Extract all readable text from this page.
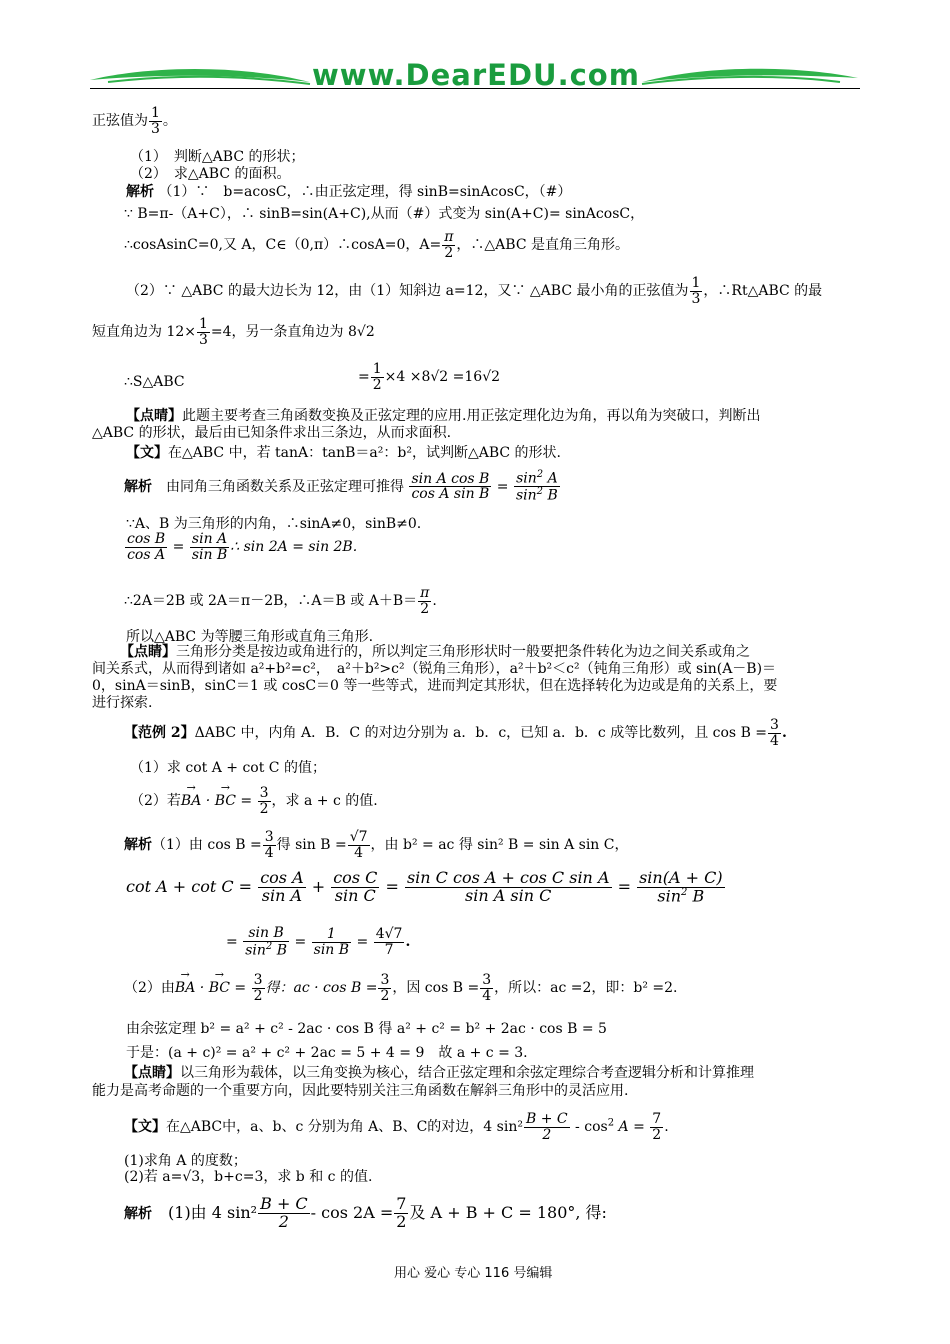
www.DearEDU.com
正弦值为 $\frac{1}{3}$ 。
（1）　判断△ABC 的形状；
（2）　求△ABC 的面积。
解析 （1）∵　b=acosC，∴由正弦定理，得 sinB=sinAcosC，（#）
∵ B=π-（A+C），∴ sinB=sin(A+C),从而（#）式变为 sin(A+C)= sinAcosC，
∴cosAsinC=0,又 A，C∈（0,π）∴cosA=0，$A= \frac{\pi}{2}$ ，∴△ABC 是直角三角形。
（2）∵ △ABC 的最大边长为 12，由（1）知斜边 a=12，又∵ △ABC 最小角的正弦值为 $\frac{1}{3}$ ，∴Rt△ABC 的最
短直角边为 $12\times \frac{1}{3} =4$，另一条直角边为 8√2
∴S△ABC	= $\frac{1}{2} \times 4 \times 8√2 =16√2$
【点晴】此题主要考查三角函数变换及正弦定理的应用.用正弦定理化边为角，再以角为突破口，判断出
△ABC 的形状，最后由已知条件求出三条边，从而求面积.
【文】在△ABC 中，若 tanA：tanB＝a²：b²，试判断△ABC 的形状.
解析　 由同角三角函数关系及正弦定理可推得 $\frac{\text{sin A cos B}}{\text{cos A sin B}} = \frac{\sin^2 A}{\sin^2 B}$
∵A、B 为三角形的内角，∴sinA≠0，sinB≠0.
$\frac{\text{cos B}}{\text{cos A}} = \frac{\text{sin A}}{\text{sin B}}$ ∴ sin 2A = sin 2B.
∴2A＝2B 或 2A＝π－2B，∴A＝B 或 $A+B= \frac{\pi}{2}$ .
所以△ABC 为等腰三角形或直角三角形.
【点睛】三角形分类是按边或角进行的，所以判定三角形形状时一般要把条件转化为边之间关系或角之
间关系式，从而得到诸如 a²+b²=c²，　a²＋b²>c²（锐角三角形），a²＋b²＜c²（钝角三角形）或 sin(A－B)＝
0，sinA＝sinB，sinC＝1 或 cosC＝0 等一些等式，进而判定其形状，但在选择转化为边或是角的关系上，要
进行探索.
【范例 2】ΔABC 中，内角 A．B．C 的对边分别为 a．b．c，已知 a．b．c 成等比数列，且 $\cos B = \frac{3}{4}$ .
（1）求 cot A + cot C 的值；
（2）若→ BA · → BC = $\frac{3}{2}$ ，求 a + c 的值.
解析（1）由 $\cos B = \frac{3}{4}$ 得 $\sin B = \frac{√7}{4}$ ，由 b² = ac 得 sin² B = sin A sin C，
$\cot A + \cot C = \frac{\text{cos A}}{\text{sin A}} + \frac{\text{cos C}}{\text{sin C}} = \frac{\text{sin C cos A + cos C sin A}}{\text{sin A sin C}} = \frac{\sin(A + C)}{\sin^2 B}$
= $\frac{\text{sin B}}{\sin^2 B} = \frac{1}{\text{sin B}} = \frac{4√7}{7}$ .
（2）由→ BA · → BC = $\frac{3}{2}$ 得：ac · $\cos B = \frac{3}{2}$ ，因 $\cos B = \frac{3}{4}$ ，所以：ac =2，即：b² =2.
由余弦定理 b² = a² + c² - 2ac · cos B 得 a² + c² = b² + 2ac · cos B = 5
于是：(a + c)² = a² + c² + 2ac = 5 + 4 = 9　故 a + c = 3.
【点睛】以三角形为载体，以三角变换为核心，结合正弦定理和余弦定理综合考查逻辑分析和计算推理
能力是高考命题的一个重要方向，因此要特别关注三角函数在解斜三角形中的灵活应用.
【文】在△ABC中，a、b、c 分别为角 A、B、C的对边，4 $\sin^2 \frac{B + C}{2} - \cos^2 A = \frac{7}{2}$ .
(1)求角 A 的度数；
(2)若 a=√3，b+c=3，求 b 和 c 的值.
解析　 (1)由 4 $\sin^2 \frac{B + C}{2} - \cos 2A = \frac{7}{2}$ 及 A + B + C = 180°, 得:
用心 爱心 专心 116 号编辑
